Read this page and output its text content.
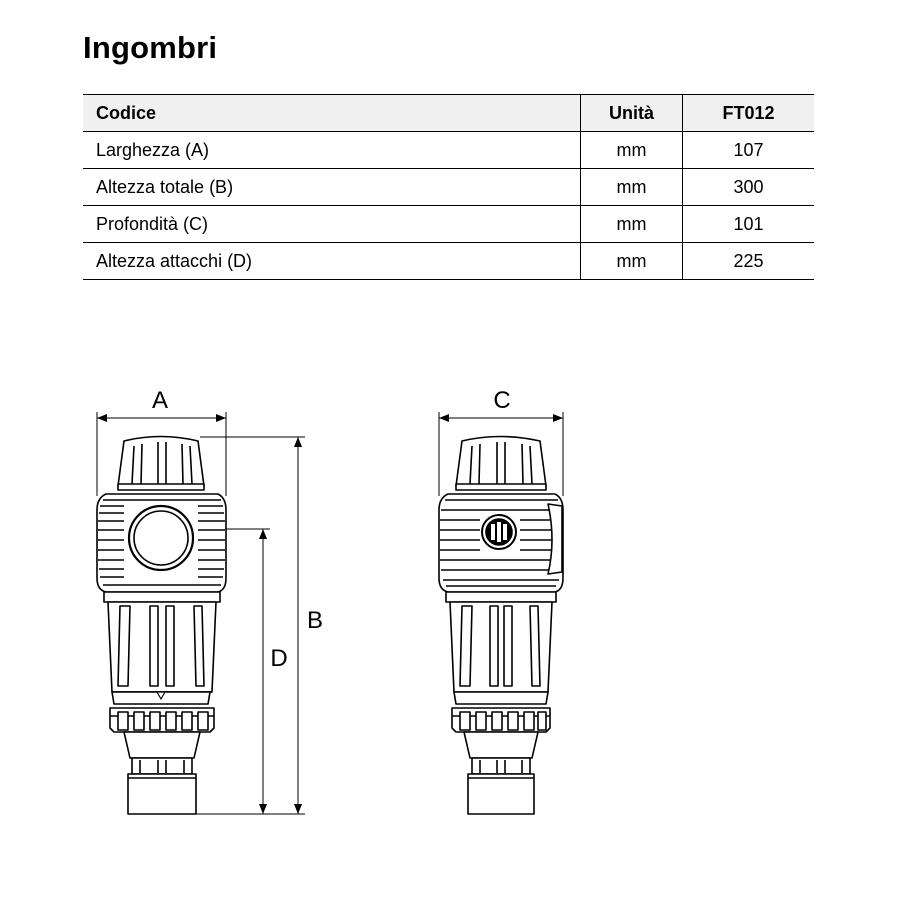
Ingombri
Codice	Unità	FT012
Larghezza (A)	mm	107
Altezza totale (B)	mm	300
Profondità (C)	mm	101
Altezza attacchi (D)	mm	225
A	C
B
D
